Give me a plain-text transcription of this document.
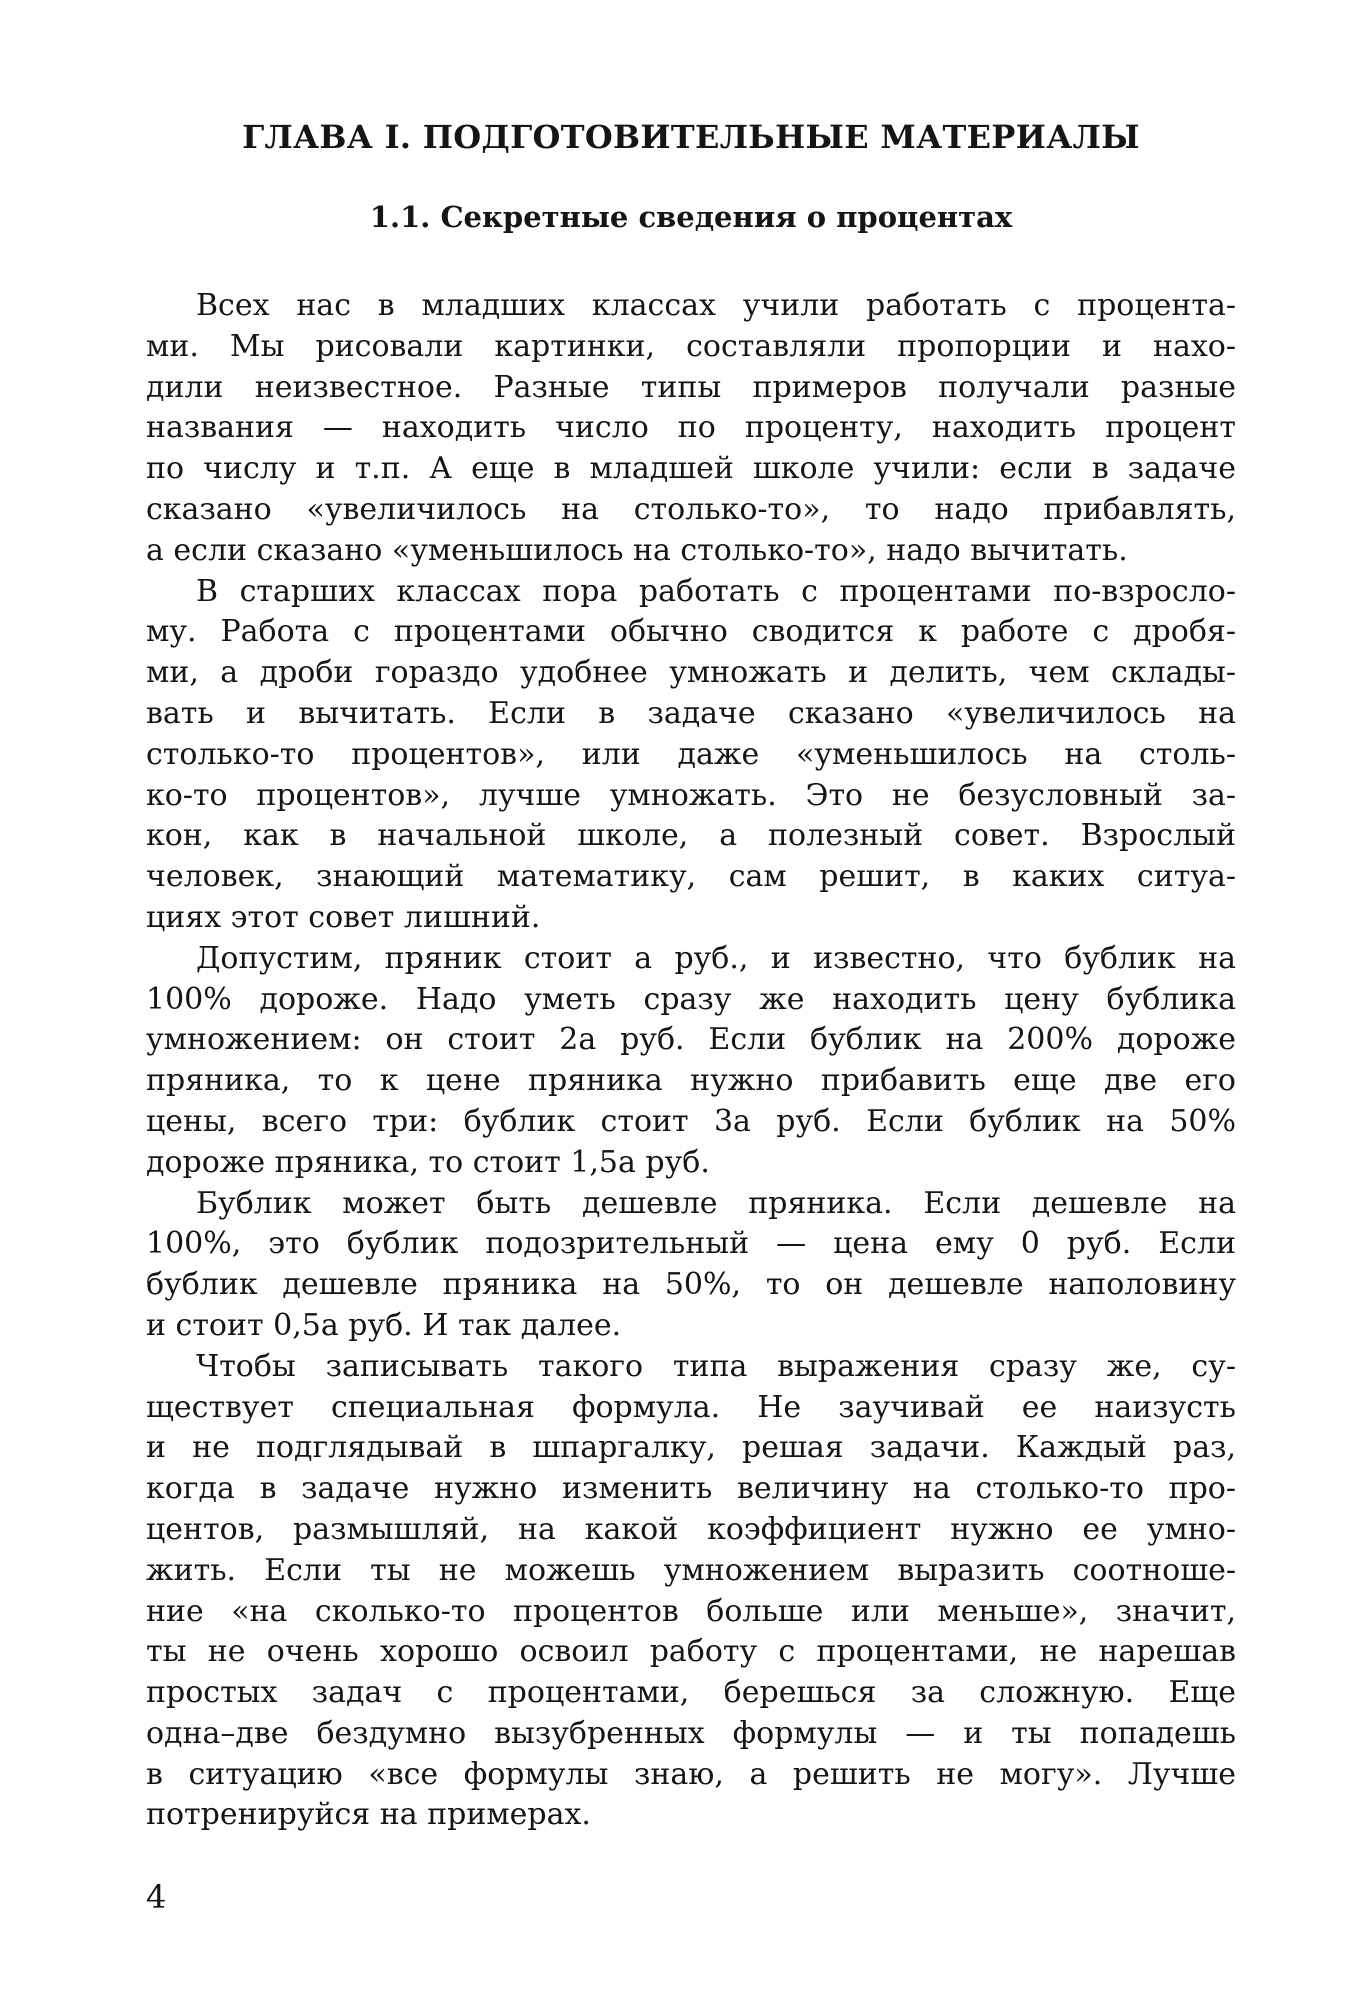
ГЛАВА I. ПОДГОТОВИТЕЛЬНЫЕ МАТЕРИАЛЫ
1.1. Секретные сведения о процентах
Всех нас в младших классах учили работать с процента-
ми. Мы рисовали картинки, составляли пропорции и нахо-
дили неизвестное. Разные типы примеров получали разные
названия — находить число по проценту, находить процент
по числу и т.п. А еще в младшей школе учили: если в задаче
сказано «увеличилось на столько-то», то надо прибавлять,
а если сказано «уменьшилось на столько-то», надо вычитать.
В старших классах пора работать с процентами по-взросло-
му. Работа с процентами обычно сводится к работе с дробя-
ми, а дроби гораздо удобнее умножать и делить, чем склады-
вать и вычитать. Если в задаче сказано «увеличилось на
столько-то процентов», или даже «уменьшилось на столь-
ко-то процентов», лучше умножать. Это не безусловный за-
кон, как в начальной школе, а полезный совет. Взрослый
человек, знающий математику, сам решит, в каких ситуа-
циях этот совет лишний.
Допустим, пряник стоит a руб., и известно, что бублик на
100% дороже. Надо уметь сразу же находить цену бублика
умножением: он стоит 2a руб. Если бублик на 200% дороже
пряника, то к цене пряника нужно прибавить еще две его
цены, всего три: бублик стоит 3a руб. Если бублик на 50%
дороже пряника, то стоит 1,5a руб.
Бублик может быть дешевле пряника. Если дешевле на
100%, это бублик подозрительный — цена ему 0 руб. Если
бублик дешевле пряника на 50%, то он дешевле наполовину
и стоит 0,5a руб. И так далее.
Чтобы записывать такого типа выражения сразу же, су-
ществует специальная формула. Не заучивай ее наизусть
и не подглядывай в шпаргалку, решая задачи. Каждый раз,
когда в задаче нужно изменить величину на столько-то про-
центов, размышляй, на какой коэффициент нужно ее умно-
жить. Если ты не можешь умножением выразить соотноше-
ние «на сколько-то процентов больше или меньше», значит,
ты не очень хорошо освоил работу с процентами, не нарешав
простых задач с процентами, берешься за сложную. Еще
одна–две бездумно вызубренных формулы — и ты попадешь
в ситуацию «все формулы знаю, а решить не могу». Лучше
потренируйся на примерах.

4
